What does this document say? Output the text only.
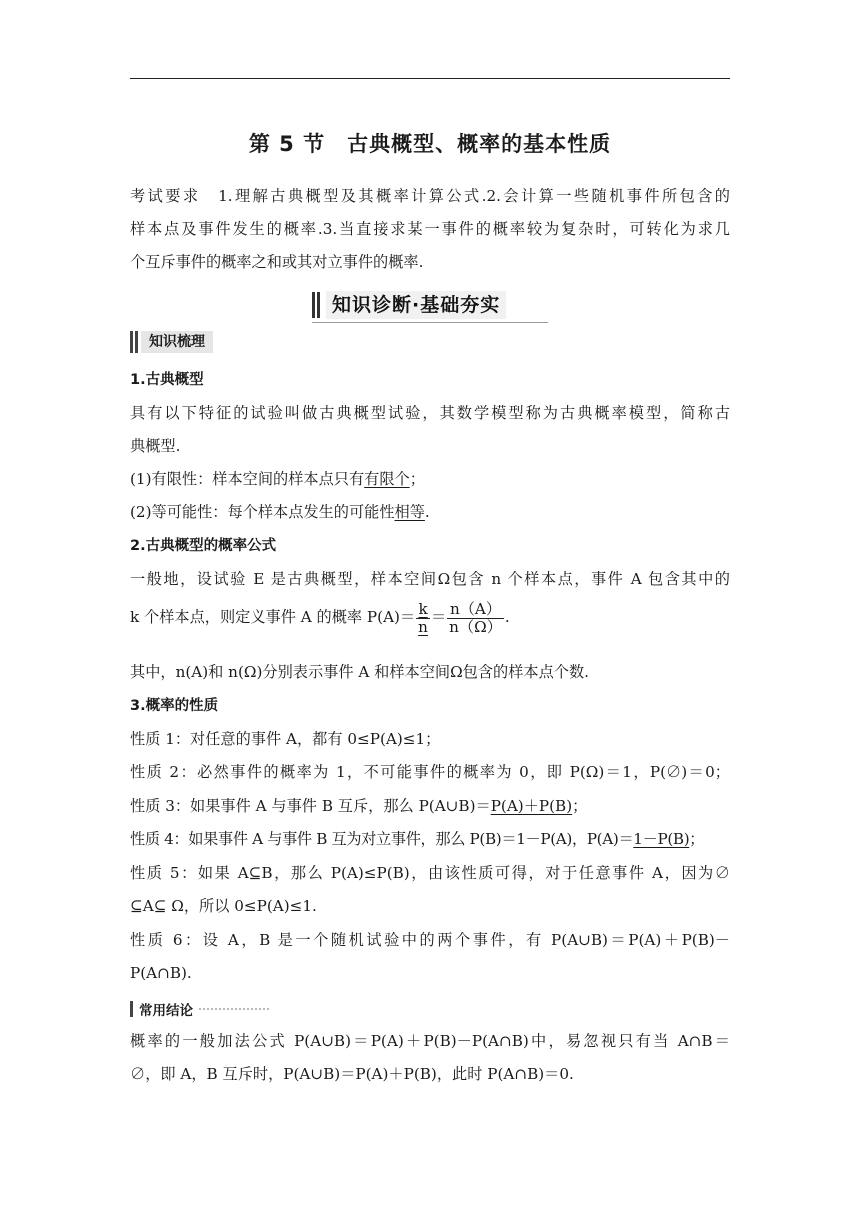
第 5 节　古典概型、概率的基本性质
考试要求　1.理解古典概型及其概率计算公式.2.会计算一些随机事件所包含的
样本点及事件发生的概率.3.当直接求某一事件的概率较为复杂时，可转化为求几
个互斥事件的概率之和或其对立事件的概率.
知识诊断·基础夯实
知识梳理
1.古典概型
具有以下特征的试验叫做古典概型试验，其数学模型称为古典概率模型，简称古
典概型.
(1)有限性：样本空间的样本点只有有限个；
(2)等可能性：每个样本点发生的可能性相等.
2.古典概型的概率公式
一般地，设试验 E 是古典概型，样本空间Ω包含 n 个样本点，事件 A 包含其中的
k 个样本点，则定义事件 A 的概率 $P(A)= \frac{k}{n} = \frac{n(A)}{n(\Omega)}$ .
其中，n(A)和 n(Ω)分别表示事件 A 和样本空间Ω包含的样本点个数.
3.概率的性质
性质 1：对任意的事件 A，都有 0≤P(A)≤1；
性质 2：必然事件的概率为 1，不可能事件的概率为 0，即 P(Ω)＝1，P(∅)＝0；
性质 3：如果事件 A 与事件 B 互斥，那么 P(A∪B)＝P(A)＋P(B)；
性质 4：如果事件 A 与事件 B 互为对立事件，那么 P(B)＝1－P(A)，P(A)＝1－P(B)；
性质 5：如果 A⊆B，那么 P(A)≤P(B)，由该性质可得，对于任意事件 A，因为∅
⊆A⊆ Ω，所以 0≤P(A)≤1.
性质 6：设 A，B 是一个随机试验中的两个事件，有 P(A∪B)＝P(A)＋P(B)－
P(A∩B).
常用结论
概率的一般加法公式 P(A∪B)＝P(A)＋P(B)－P(A∩B)中，易忽视只有当 A∩B＝
∅，即 A，B 互斥时，P(A∪B)＝P(A)＋P(B)，此时 P(A∩B)＝0.
